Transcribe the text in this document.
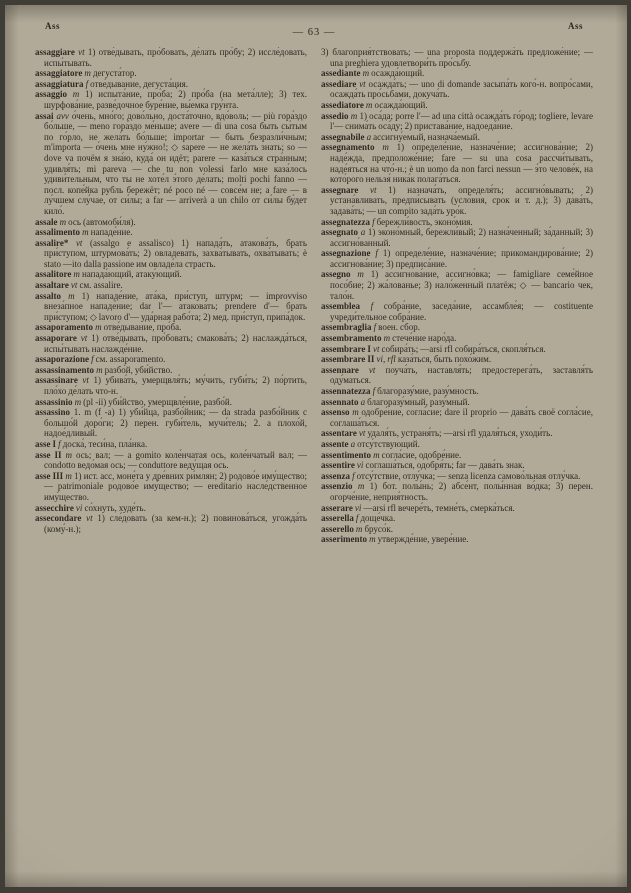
Ass
— 63 —
Ass

assaggiare vt 1) отве́дывать, про́бовать, де́лать про́бу; 2) иссле́довать, испы́тывать.

assaggiatore m дегуста́тор.

assaggiatura f отве́дывание, дегуста́ция.

assaggio m 1) испыта́ние, про́ба; 2) про́ба (на мета́лле); 3) тех. шурфова́ние, разве́дочное буре́ние, вы́емка гру́нта.

assai avv о́чень, мно́го; дово́льно, доста́точно, вдо́воль; — più гора́здо бо́льше, — meno гора́здо ме́ньше; avere — di una cosa быть сы́тым по го́рло, не жела́ть бо́льше; importar — быть безразли́чным; m'importa — о́чень мне ну́жно!; ◇ sapere — не жела́ть знать; so — dove va почём я зна́ю, куда́ он идёт; parere — каза́ться стра́нным; удивля́ть; mi pareva — che tu non volessi farlo мне каза́лось удиви́тельным, что ты не хоте́л э́того де́лать; molti pochi fanno — посл. копе́йка рубль бережёт; né poco né — совсе́м не; a fare — в лу́чшем слу́чае, от си́лы; a far — arriverà a un chilo от си́лы бу́дет кило́.

assale m ось (автомоби́ля).

assalimento m нападе́ние.

assalire* vt (assalgo e assalisco) 1) напада́ть, атакова́ть, брать при́ступом, штурмова́ть; 2) овладева́ть, захва́тывать, охва́тывать; è stato —ito dalla passione им овладе́ла страсть.

assalitore m напада́ющий, атаку́ющий.

assaltare vt см. assalire.

assalto m 1) нападе́ние, ата́ка, при́ступ, штурм; — improvviso внеза́пное нападе́ние; dar l'— атакова́ть; prendere d'— брать при́ступом; ◇ lavoro d'— уда́рная рабо́та; 2) мед. при́ступ, припа́док.

assaporamento m отве́дывание, про́ба.

assaporare vt 1) отве́дывать, про́бовать; смакова́ть; 2) наслажда́ться, испы́тывать наслажде́ние.

assaporazione f см. assaporamento.

assassinamento m разбо́й, уби́йство.

assassinare vt 1) убива́ть, умерщвля́ть; му́чить, губи́ть; 2) по́ртить, пло́хо де́лать что-н.

assassinio m (pl -ii) уби́йство, умерщвле́ние, разбо́й.

assassino 1. m (f -a) 1) уби́йца, разбо́йник; — da strada разбо́йник с большо́й доро́ги; 2) перен. губи́тель, мучи́тель; 2. a плохо́й, надое́дливый.

asse I f доска́, теси́на, пла́нка.

asse II m ось; вал; — a gomito коле́нчатая ось, коле́нчатый вал; — condotto ведо́мая ось; — conduttore веду́щая ось.

asse III m 1) ист. асс, моне́та у дре́вних ри́млян; 2) родово́е иму́щество; — patrimoniale родово́е иму́щество; — ereditario насле́дственное иму́щество.

assecchire vi со́хнуть, худе́ть.

assecondare vt 1) сле́довать (за кем-н.); 2) повинова́ться, угожда́ть (кому́-н.);

3) благоприя́тствовать; — una proposta поддержа́ть предложе́ние; — una preghiera удовлетвори́ть про́сьбу.

assediante m осажда́ющий.

assediare vt осажда́ть; — uno di domande засыпа́ть кого́-н. вопро́сами, осажда́ть про́сьбами, докуча́ть.

assediatore m осажда́ющий.

assedio m 1) оса́да; porre l'— ad una città осажда́ть го́род; togliere, levare l'— снима́ть оса́ду; 2) пристава́ние, надоеда́ние.

assegnabile a ассигну́емый, назнача́емый.

assegnamento m 1) определе́ние, назначе́ние; ассигнова́ние; 2) наде́жда, предположе́ние; fare — su una cosa рассчи́тывать, наде́яться на что́-н.; è un uomo da non farci nessun — э́то челове́к, на кото́рого нельзя́ ника́к полага́ться.

assegnare vt 1) назнача́ть, определя́ть; ассигно́вывать; 2) устана́вливать, предпи́сывать (усло́вия, срок и т. д.); 3) дава́ть, задава́ть; — un compito зада́ть уро́к.

assegnatezza f бережли́вость, эконо́мия.

assegnato a 1) эконо́мный, бережли́вый; 2) назна́ченный; за́данный; 3) ассигно́ванный.

assegnazione f 1) определе́ние, назначе́ние; прикомандирова́ние; 2) ассигнова́ние; 3) предписа́ние.

assegno m 1) ассигнова́ние, ассигно́вка; — famigliare семе́йное посо́бие; 2) жа́лованье; 3) нало́женный платёж; ◇ — bancario чек, тало́н.

assemblea f собра́ние, заседа́ние, ассамбле́я; — costituente учреди́тельное собра́ние.

assembraglia f воен. сбор.

assembramento m стече́ние наро́да.

assembrare I vt собира́ть; —arsi rfl собира́ться, скопля́ться.

assembrare II vi, rfl каза́ться, быть похо́жим.

assennare vt поуча́ть, наставля́ть; предостерега́ть, заставля́ть оду́маться.

assennatezza f благоразу́мие, разу́мность.

assennato a благоразу́мный, разу́мный.

assenso m одобре́ние, согла́сие; dare il proprio — дава́ть своё согла́сие, соглаша́ться.

assentare vt удаля́ть, устраня́ть; —arsi rfl удаля́ться, уходи́ть.

assente a отсу́тствующий.

assentimento m согла́сие, одобре́ние.

assentire vi соглаша́ться, одобря́ть; far — дава́ть знак.

assenza f отсу́тствие, отлу́чка; — senza licenza самово́льная отлу́чка.

assenzio m 1) бот. полы́нь; 2) абсе́нт, полы́нная во́дка; 3) перен. огорче́ние, неприя́тность.

asserare vi —arsi rfl вечере́ть, темне́ть, смерка́ться.

asserella f доще́чка.

asserello m брусо́к.

asserimento m утвержде́ние, увере́ние.
